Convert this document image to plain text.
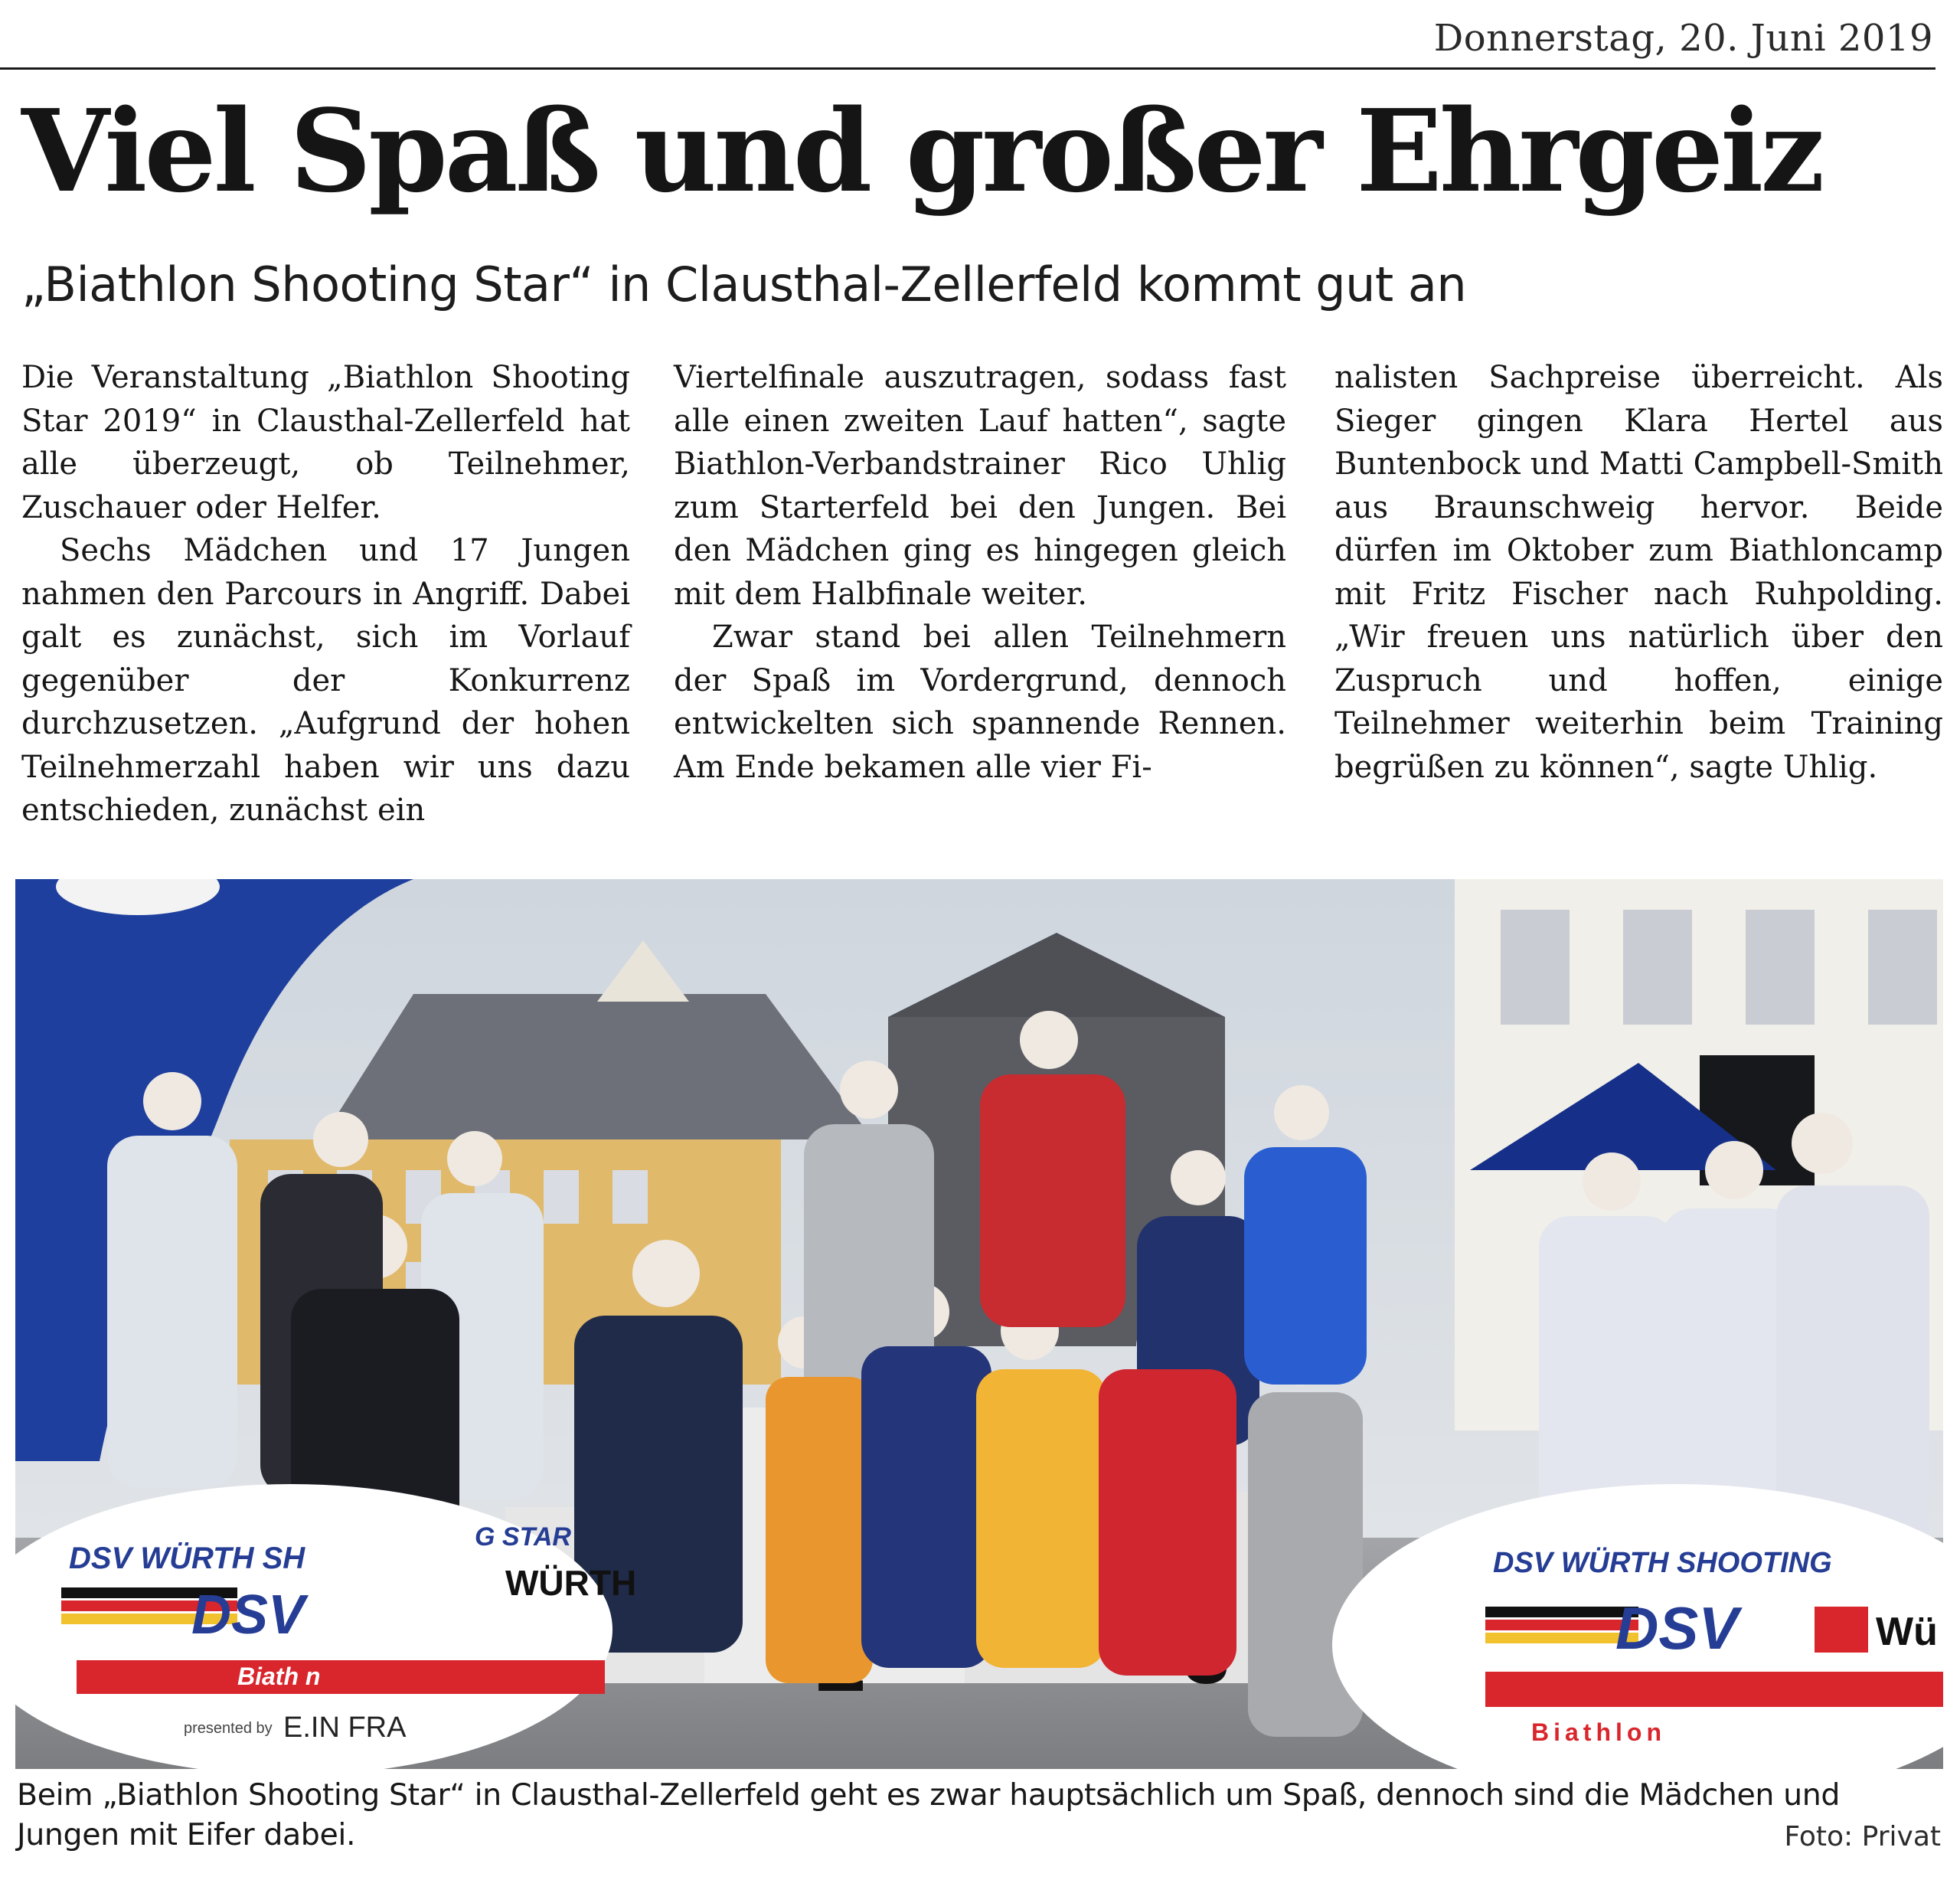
Donnerstag, 20. Juni 2019
Viel Spaß und großer Ehrgeiz
„Biathlon Shooting Star“ in Clausthal-Zellerfeld kommt gut an

Die Veranstaltung „Biathlon Shooting Star 2019“ in Clausthal-Zellerfeld hat alle überzeugt, ob Teilnehmer, Zuschauer oder Helfer.

Sechs Mädchen und 17 Jungen nahmen den Parcours in Angriff. Dabei galt es zunächst, sich im Vorlauf gegenüber der Konkurrenz durchzusetzen. „Aufgrund der hohen Teilnehmerzahl haben wir uns dazu entschieden, zunächst ein

Viertelfinale auszutragen, sodass fast alle einen zweiten Lauf hatten“, sagte Biathlon-Verbandstrainer Rico Uhlig zum Starterfeld bei den Jungen. Bei den Mädchen ging es hingegen gleich mit dem Halbfinale weiter.

Zwar stand bei allen Teilnehmern der Spaß im Vordergrund, dennoch entwickelten sich spannende Rennen. Am Ende bekamen alle vier Fi-

nalisten Sachpreise überreicht. Als Sieger gingen Klara Hertel aus Buntenbock und Matti Campbell-Smith aus Braunschweig hervor. Beide dürfen im Oktober zum Biathloncamp mit Fritz Fischer nach Ruhpolding. „Wir freuen uns natürlich über den Zuspruch und hoffen, einige Teilnehmer weiterhin beim Training begrüßen zu können“, sagte Uhlig.

DSV WÜRTH SH
G STAR
DSV
WÜRTH
Biath n
presented by E.IN FRA
DSV WÜRTH SHOOTING
DSV	Wü
Biathlon

Beim „Biathlon Shooting Star“ in Clausthal-Zellerfeld geht es zwar hauptsächlich um Spaß, dennoch sind die Mädchen und Jungen mit Eifer dabei.	Foto: Privat
